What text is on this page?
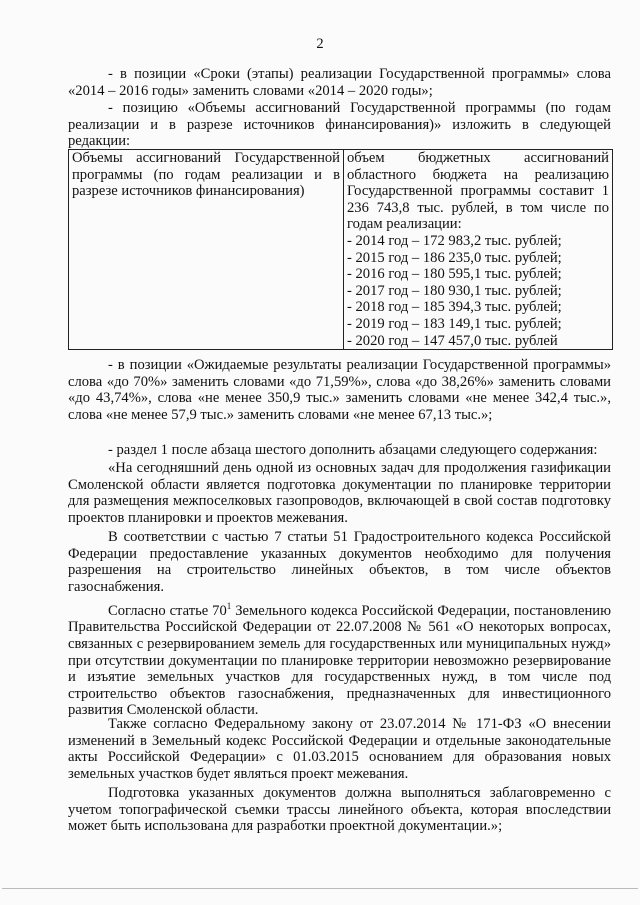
2

- в позиции «Сроки (этапы) реализации Государственной программы» слова «2014 – 2016 годы» заменить словами «2014 – 2020 годы»;

- позицию «Объемы ассигнований Государственной программы (по годам реализации и в разрезе источников финансирования)» изложить в следующей редакции:

Объемы ассигнований Государственной программы (по годам реализации и в разрезе источников финансирования)	объем бюджетных ассигнований областного бюджета на реализацию Государственной программы составит 1 236 743,8 тыс. рублей, в том числе по годам реализации:
- 2014 год – 172 983,2 тыс. рублей;
- 2015 год – 186 235,0 тыс. рублей;
- 2016 год – 180 595,1 тыс. рублей;
- 2017 год – 180 930,1 тыс. рублей;
- 2018 год – 185 394,3 тыс. рублей;
- 2019 год – 183 149,1 тыс. рублей;
- 2020 год – 147 457,0 тыс. рублей

- в позиции «Ожидаемые результаты реализации Государственной программы» слова «до 70%» заменить словами «до 71,59%», слова «до 38,26%» заменить словами «до 43,74%», слова «не менее 350,9 тыс.» заменить словами «не менее 342,4 тыс.», слова «не менее 57,9 тыс.» заменить словами «не менее 67,13 тыс.»;

- раздел 1 после абзаца шестого дополнить абзацами следующего содержания:

«На сегодняшний день одной из основных задач для продолжения газификации Смоленской области является подготовка документации по планировке территории для размещения межпоселковых газопроводов, включающей в свой состав подготовку проектов планировки и проектов межевания.

В соответствии с частью 7 статьи 51 Градостроительного кодекса Российской Федерации предоставление указанных документов необходимо для получения разрешения на строительство линейных объектов, в том числе объектов газоснабжения.

Согласно статье $70^1$ Земельного кодекса Российской Федерации, постановлению Правительства Российской Федерации от 22.07.2008 № 561 «О некоторых вопросах, связанных с резервированием земель для государственных или муниципальных нужд» при отсутствии документации по планировке территории невозможно резервирование и изъятие земельных участков для государственных нужд, в том числе под строительство объектов газоснабжения, предназначенных для инвестиционного развития Смоленской области.

Также согласно Федеральному закону от 23.07.2014 № 171-ФЗ «О внесении изменений в Земельный кодекс Российской Федерации и отдельные законодательные акты Российской Федерации» с 01.03.2015 основанием для образования новых земельных участков будет являться проект межевания.

Подготовка указанных документов должна выполняться заблаговременно с учетом топографической съемки трассы линейного объекта, которая впоследствии может быть использована для разработки проектной документации.»;
